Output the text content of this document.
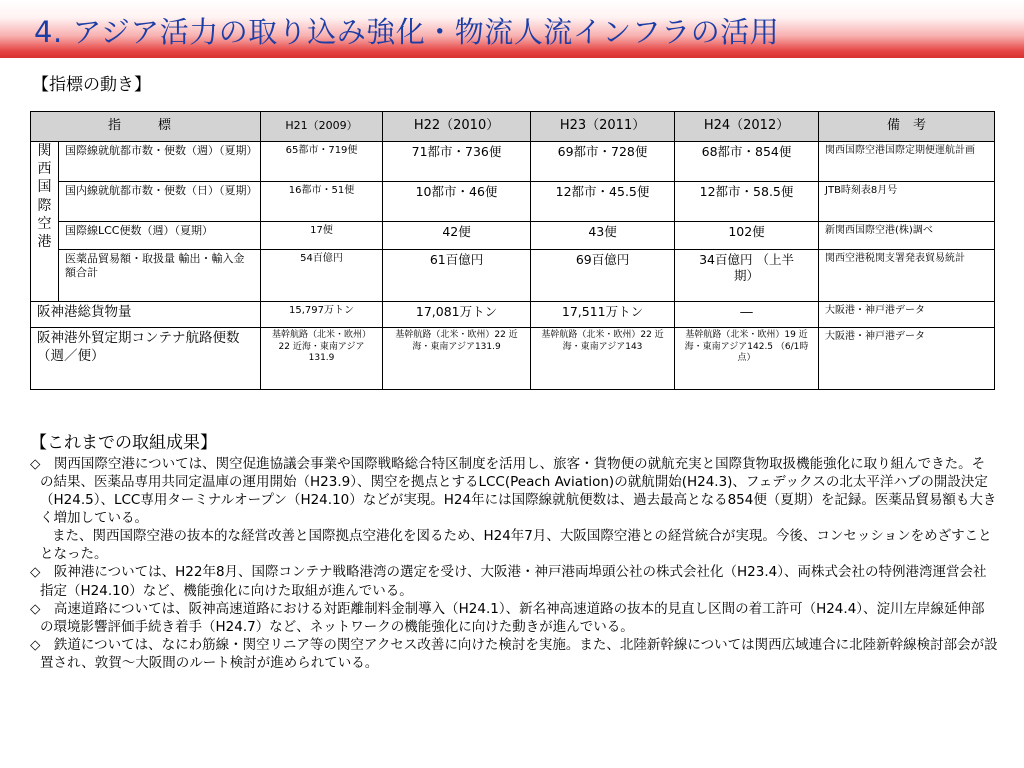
4. アジア活力の取り込み強化・物流人流インフラの活用
【指標の動き】
指　標		H21（2009）	H22（2010）	H23（2011）	H24（2012）	備　考
関西国際空港	国際線就航都市数・便数（週）（夏期）	65都市・719便	71都市・736便	69都市・728便	68都市・854便	関西国際空港国際定期便運航計画
	国内線就航都市数・便数（日）（夏期）	16都市・51便	10都市・46便	12都市・45.5便	12都市・58.5便	JTB時刻表8月号
	国際線LCC便数（週）（夏期）	17便	42便	43便	102便	新関西国際空港(株)調べ
	医薬品貿易額・取扱量 輸出・輸入金額合計	54百億円	61百億円	69百億円	34百億円 （上半期）	関西空港税関支署発表貿易統計
阪神港総貨物量		15,797万トン	17,081万トン	17,511万トン	―	大阪港・神戸港データ
阪神港外貿定期コンテナ航路便数（週／便）		基幹航路（北米・欧州）22 近海・東南アジア 131.9	基幹航路（北米・欧州）22 近海・東南アジア131.9	基幹航路（北米・欧州）22 近海・東南アジア143	基幹航路（北米・欧州）19 近海・東南アジア142.5 （6/1時点）	大阪港・神戸港データ
【これまでの取組成果】

◇　関西国際空港については、関空促進協議会事業や国際戦略総合特区制度を活用し、旅客・貨物便の就航充実と国際貨物取扱機能強化に取り組んできた。その結果、医薬品専用共同定温庫の運用開始（H23.9）、関空を拠点とするLCC(Peach Aviation)の就航開始(H24.3)、フェデックスの北太平洋ハブの開設決定 （H24.5）、LCC専用ターミナルオープン（H24.10）などが実現。H24年には国際線就航便数は、過去最高となる854便（夏期）を記録。医薬品貿易額も大きく増加している。

また、関西国際空港の抜本的な経営改善と国際拠点空港化を図るため、H24年7月、大阪国際空港との経営統合が実現。今後、コンセッションをめざすこととなった。

◇　阪神港については、H22年8月、国際コンテナ戦略港湾の選定を受け、大阪港・神戸港両埠頭公社の株式会社化（H23.4）、両株式会社の特例港湾運営会社指定（H24.10）など、機能強化に向けた取組が進んでいる。

◇　高速道路については、阪神高速道路における対距離制料金制導入（H24.1）、新名神高速道路の抜本的見直し区間の着工許可（H24.4）、淀川左岸線延伸部の環境影響評価手続き着手（H24.7）など、ネットワークの機能強化に向けた動きが進んでいる。

◇　鉄道については、なにわ筋線・関空リニア等の関空アクセス改善に向けた検討を実施。また、北陸新幹線については関西広域連合に北陸新幹線検討部会が設置され、敦賀～大阪間のルート検討が進められている。
